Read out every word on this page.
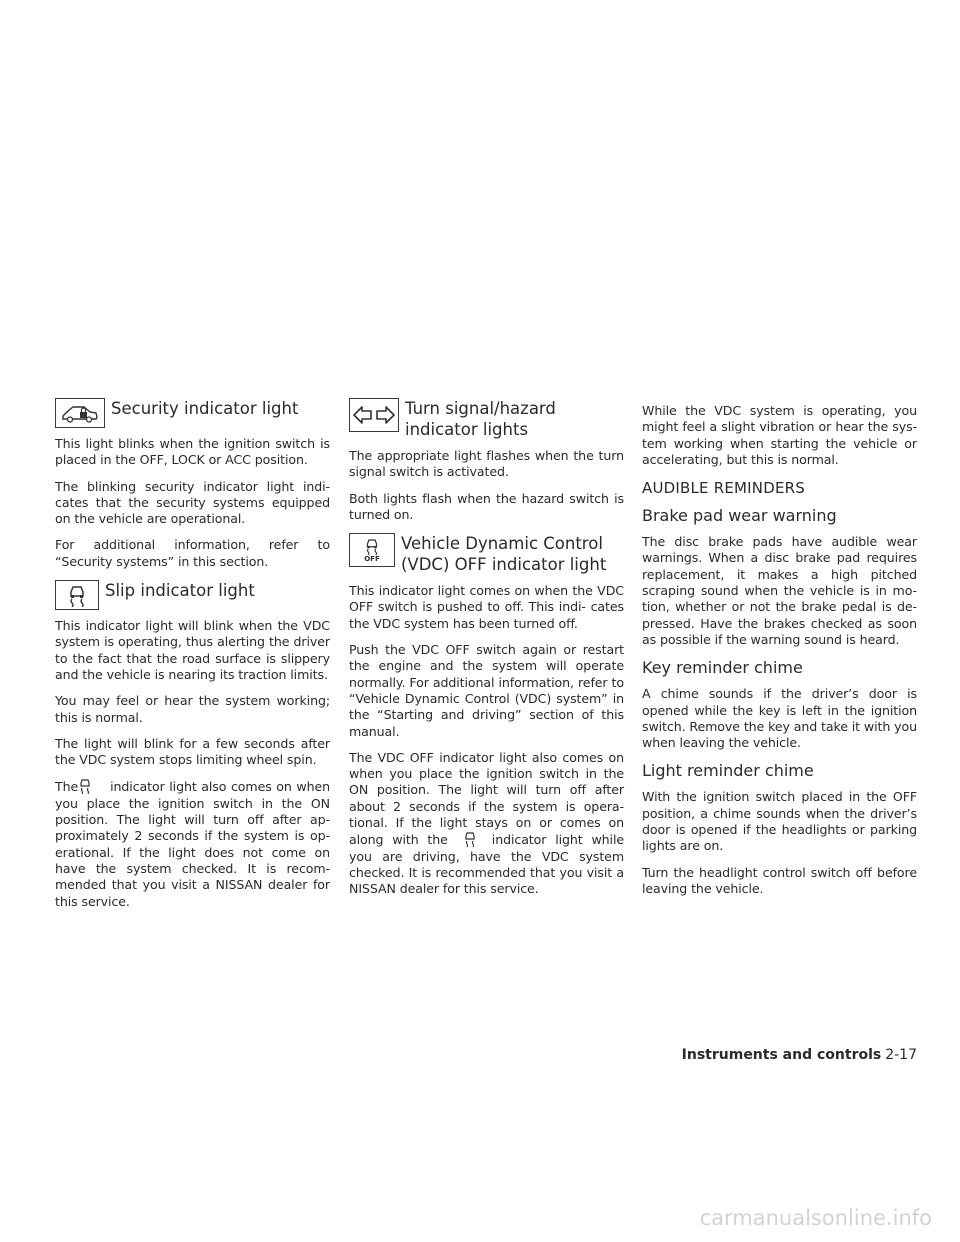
Security indicator light

This light blinks when the ignition switch is placed in the OFF, LOCK or ACC position.

The blinking security indicator light indi- cates that the security systems equipped on the vehicle are operational.

For additional information, refer to “Security systems” in this section.

Slip indicator light

This indicator light will blink when the VDC system is operating, thus alerting the driver to the fact that the road surface is slippery and the vehicle is nearing its traction limits.

You may feel or hear the system working; this is normal.

The light will blink for a few seconds after the VDC system stops limiting wheel spin.

The	indicator light also comes on when you place the ignition switch in the ON position. The light will turn off after ap- proximately 2 seconds if the system is op- erational. If the light does not come on have the system checked. It is recom- mended that you visit a NISSAN dealer for this service.

Turn signal/hazard indicator lights

The appropriate light flashes when the turn signal switch is activated.

Both lights flash when the hazard switch is turned on.

OFF
Vehicle Dynamic Control (VDC) OFF indicator light

This indicator light comes on when the VDC OFF switch is pushed to off. This indi- cates the VDC system has been turned off.

Push the VDC OFF switch again or restart the engine and the system will operate normally. For additional information, refer to “Vehicle Dynamic Control (VDC) system” in the “Starting and driving” section of this manual.

The VDC OFF indicator light also comes on when you place the ignition switch in the ON position. The light will turn off after about 2 seconds if the system is opera- tional. If the light stays on or comes on along with the	indicator light while you are driving, have the VDC system checked. It is recommended that you visit a NISSAN dealer for this service.

While the VDC system is operating, you might feel a slight vibration or hear the sys- tem working when starting the vehicle or accelerating, but this is normal.

AUDIBLE REMINDERS
Brake pad wear warning

The disc brake pads have audible wear warnings. When a disc brake pad requires replacement, it makes a high pitched scraping sound when the vehicle is in mo- tion, whether or not the brake pedal is de- pressed. Have the brakes checked as soon as possible if the warning sound is heard.

Key reminder chime

A chime sounds if the driver’s door is opened while the key is left in the ignition switch. Remove the key and take it with you when leaving the vehicle.

Light reminder chime

With the ignition switch placed in the OFF position, a chime sounds when the driver’s door is opened if the headlights or parking lights are on.

Turn the headlight control switch off before leaving the vehicle.

Instruments and controls 2-17
carmanualsonline.info
